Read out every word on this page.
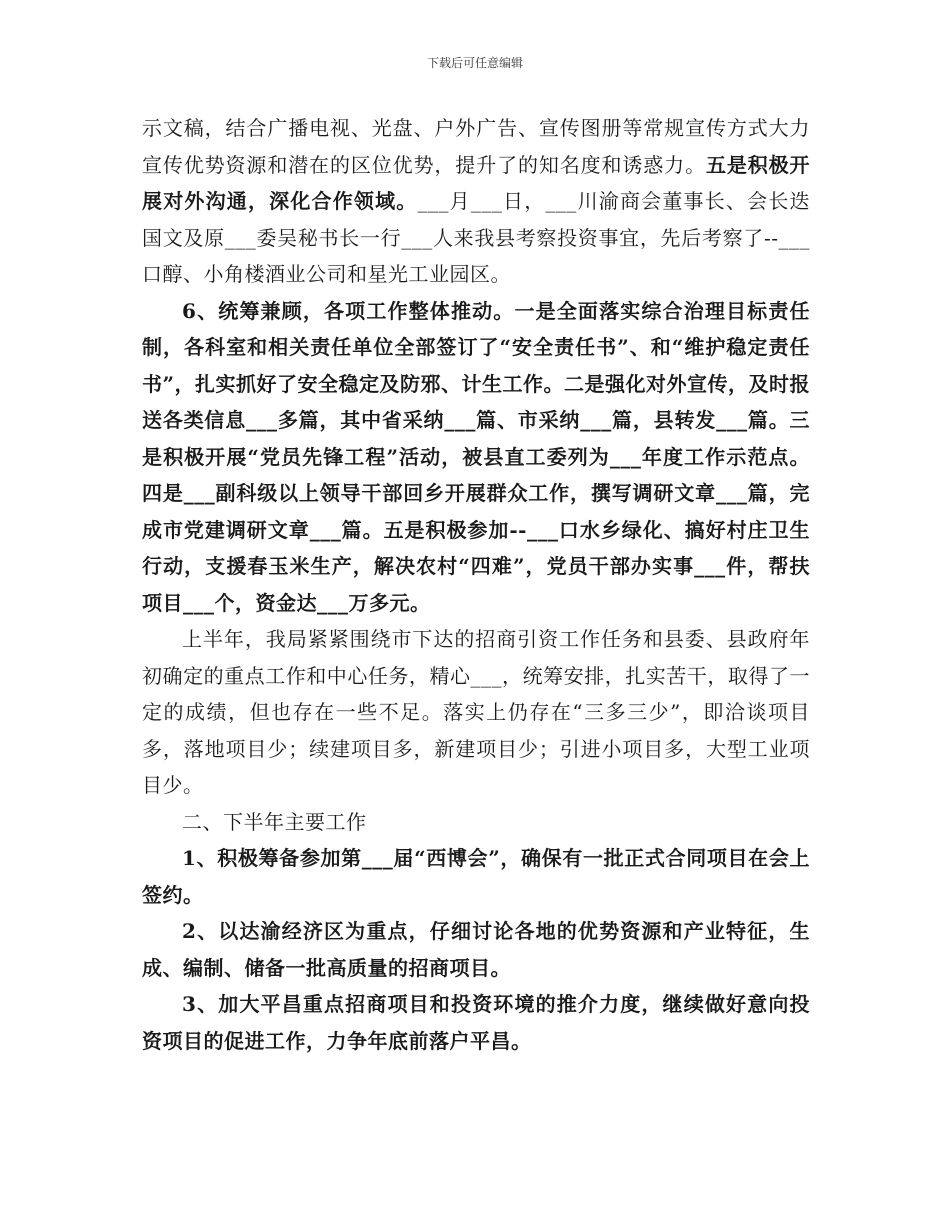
下载后可任意编辑

示文稿，结合广播电视、光盘、户外广告、宣传图册等常规宣传方式大力宣传优势资源和潜在的区位优势，提升了的知名度和诱惑力。五是积极开展对外沟通，深化合作领域。___月___日，___川渝商会董事长、会长迭国文及原___委吴秘书长一行___人来我县考察投资事宜，先后考察了--___口醇、小角楼酒业公司和星光工业园区。

6、统筹兼顾，各项工作整体推动。一是全面落实综合治理目标责任制，各科室和相关责任单位全部签订了“安全责任书”、和“维护稳定责任书”，扎实抓好了安全稳定及防邪、计生工作。二是强化对外宣传，及时报送各类信息___多篇，其中省采纳___篇、市采纳___篇，县转发___篇。三是积极开展“党员先锋工程”活动，被县直工委列为___年度工作示范点。四是___副科级以上领导干部回乡开展群众工作，撰写调研文章___篇，完成市党建调研文章___篇。五是积极参加--___口水乡绿化、搞好村庄卫生行动，支援春玉米生产，解决农村“四难”，党员干部办实事___件，帮扶项目___个，资金达___万多元。

上半年，我局紧紧围绕市下达的招商引资工作任务和县委、县政府年初确定的重点工作和中心任务，精心___，统筹安排，扎实苦干，取得了一定的成绩，但也存在一些不足。落实上仍存在“三多三少”，即洽谈项目多，落地项目少；续建项目多，新建项目少；引进小项目多，大型工业项目少。

二、下半年主要工作

1、积极筹备参加第___届“西博会”，确保有一批正式合同项目在会上签约。

2、以达渝经济区为重点，仔细讨论各地的优势资源和产业特征，生成、编制、储备一批高质量的招商项目。

3、加大平昌重点招商项目和投资环境的推介力度，继续做好意向投资项目的促进工作，力争年底前落户平昌。
